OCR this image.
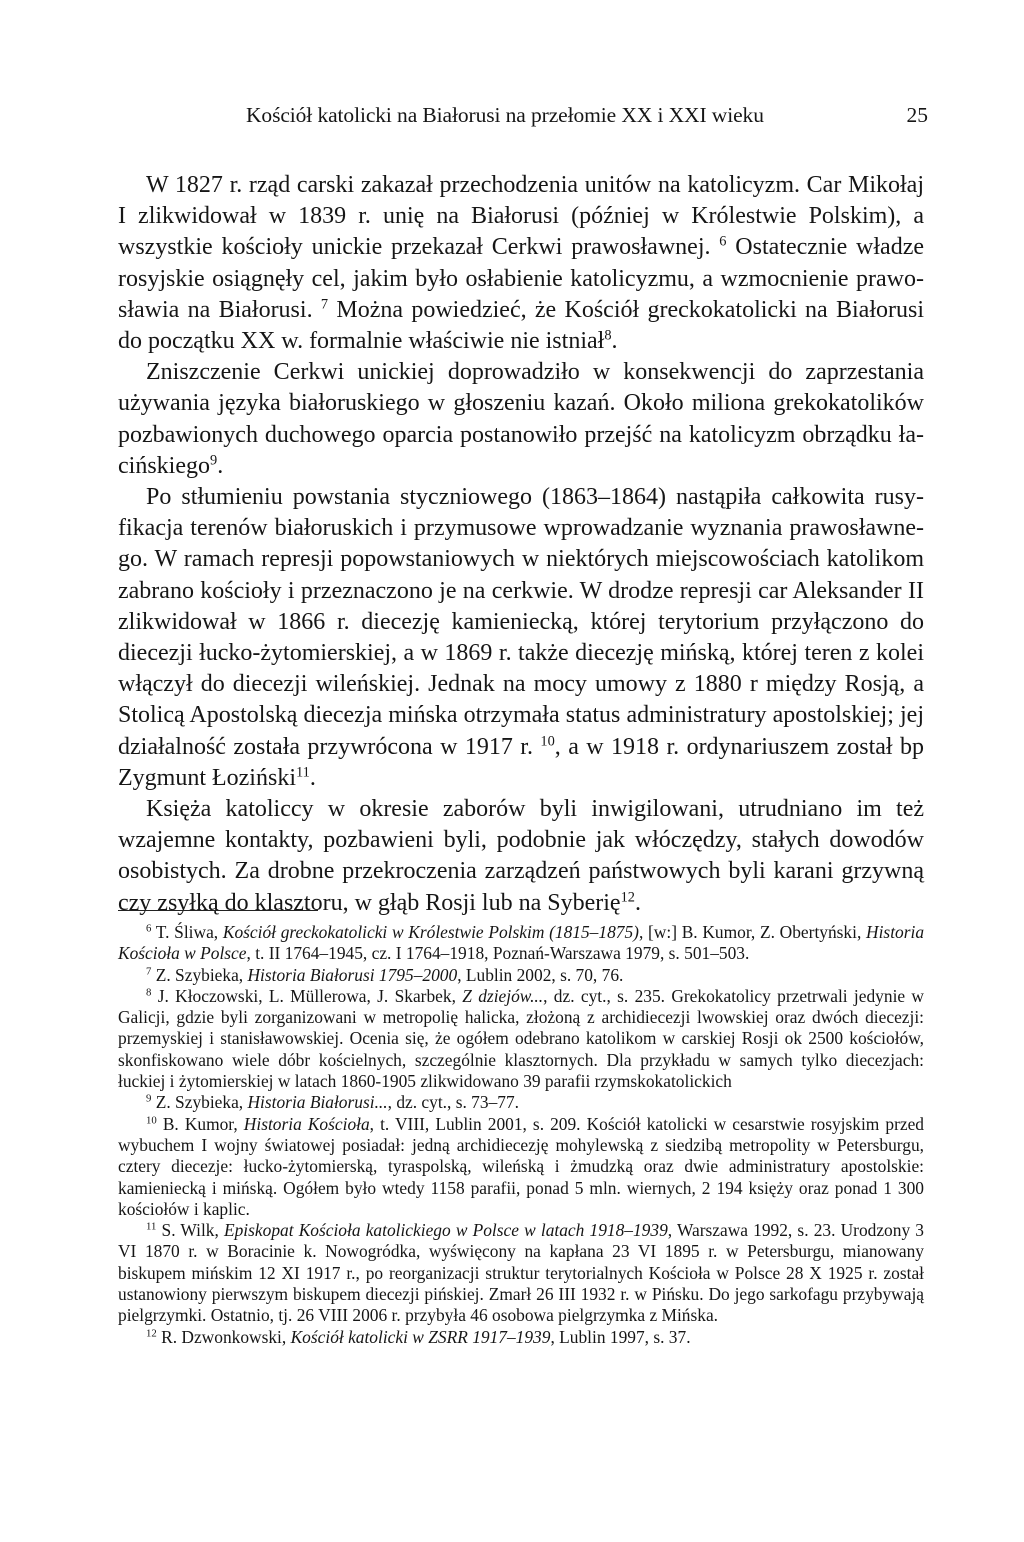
Kościół katolicki na Białorusi na przełomie XX i XXI wieku	25

W 1827 r. rząd carski zakazał przechodzenia unitów na katolicyzm. Car Mikołaj I zlikwidował w 1839 r. unię na Białorusi (później w Królestwie Polskim), a wszystkie kościoły unickie przekazał Cerkwi prawosławnej. $^6$ Ostatecznie władze rosyjskie osiągnęły cel, jakim było osłabienie katolicyzmu, a wzmocnienie prawosławia na Białorusi. $^7$ Można powiedzieć, że Kościół greckokatolicki na Białorusi do początku XX w. formalnie właściwie nie istniał$^8$.

Zniszczenie Cerkwi unickiej doprowadziło w konsekwencji do zaprzestania używania języka białoruskiego w głoszeniu kazań. Około miliona grekokatolików pozbawionych duchowego oparcia postanowiło przejść na katolicyzm obrządku łacińskiego$^9$.

Po stłumieniu powstania styczniowego (1863–1864) nastąpiła całkowita rusyfikacja terenów białoruskich i przymusowe wprowadzanie wyznania prawosławnego. W ramach represji popowstaniowych w niektórych miejscowościach katolikom zabrano kościoły i przeznaczono je na cerkwie. W drodze represji car Aleksander II zlikwidował w 1866 r. diecezję kamieniecką, której terytorium przyłączono do diecezji łucko-żytomierskiej, a w 1869 r. także diecezję mińską, której teren z kolei włączył do diecezji wileńskiej. Jednak na mocy umowy z 1880 r między Rosją, a Stolicą Apostolską diecezja mińska otrzymała status administratury apostolskiej; jej działalność została przywrócona w 1917 r. $^{10}$, a w 1918 r. ordynariuszem został bp Zygmunt Łoziński$^{11}$.

Księża katoliccy w okresie zaborów byli inwigilowani, utrudniano im też wzajemne kontakty, pozbawieni byli, podobnie jak włóczędzy, stałych dowodów osobistych. Za drobne przekroczenia zarządzeń państwowych byli karani grzywną czy zsyłką do klasztoru, w głąb Rosji lub na Syberię$^{12}$.

$^6$ T. Śliwa, Kościół greckokatolicki w Królestwie Polskim (1815–1875), [w:] B. Kumor, Z. Obertyński, Historia Kościoła w Polsce, t. II 1764–1945, cz. I 1764–1918, Poznań-Warszawa 1979, s. 501–503.

$^7$ Z. Szybieka, Historia Białorusi 1795–2000, Lublin 2002, s. 70, 76.

$^8$ J. Kłoczowski, L. Müllerowa, J. Skarbek, Z dziejów..., dz. cyt., s. 235. Grekokatolicy przetrwali jedynie w Galicji, gdzie byli zorganizowani w metropolię halicka, złożoną z archidiecezji lwowskiej oraz dwóch diecezji: przemyskiej i stanisławowskiej. Ocenia się, że ogółem odebrano katolikom w carskiej Rosji ok 2500 kościołów, skonfiskowano wiele dóbr kościelnych, szczególnie klasztornych. Dla przykładu w samych tylko diecezjach: łuckiej i żytomierskiej w latach 1860-1905 zlikwidowano 39 parafii rzymskokatolickich

$^9$ Z. Szybieka, Historia Białorusi..., dz. cyt., s. 73–77.

$^{10}$ B. Kumor, Historia Kościoła, t. VIII, Lublin 2001, s. 209. Kościół katolicki w cesarstwie rosyjskim przed wybuchem I wojny światowej posiadał: jedną archidiecezję mohylewską z siedzibą metropolity w Petersburgu, cztery diecezje: łucko-żytomierską, tyraspolską, wileńską i żmudzką oraz dwie administratury apostolskie: kamieniecką i mińską. Ogółem było wtedy 1158 parafii, ponad 5 mln. wiernych, 2 194 księży oraz ponad 1 300 kościołów i kaplic.

$^{11}$ S. Wilk, Episkopat Kościoła katolickiego w Polsce w latach 1918–1939, Warszawa 1992, s. 23. Urodzony 3 VI 1870 r. w Boracinie k. Nowogródka, wyświęcony na kapłana 23 VI 1895 r. w Petersburgu, mianowany biskupem mińskim 12 XI 1917 r., po reorganizacji struktur terytorialnych Kościoła w Polsce 28 X 1925 r. został ustanowiony pierwszym biskupem diecezji pińskiej. Zmarł 26 III 1932 r. w Pińsku. Do jego sarkofagu przybywają pielgrzymki. Ostatnio, tj. 26 VIII 2006 r. przybyła 46 osobowa pielgrzymka z Mińska.

$^{12}$ R. Dzwonkowski, Kościół katolicki w ZSRR 1917–1939, Lublin 1997, s. 37.
